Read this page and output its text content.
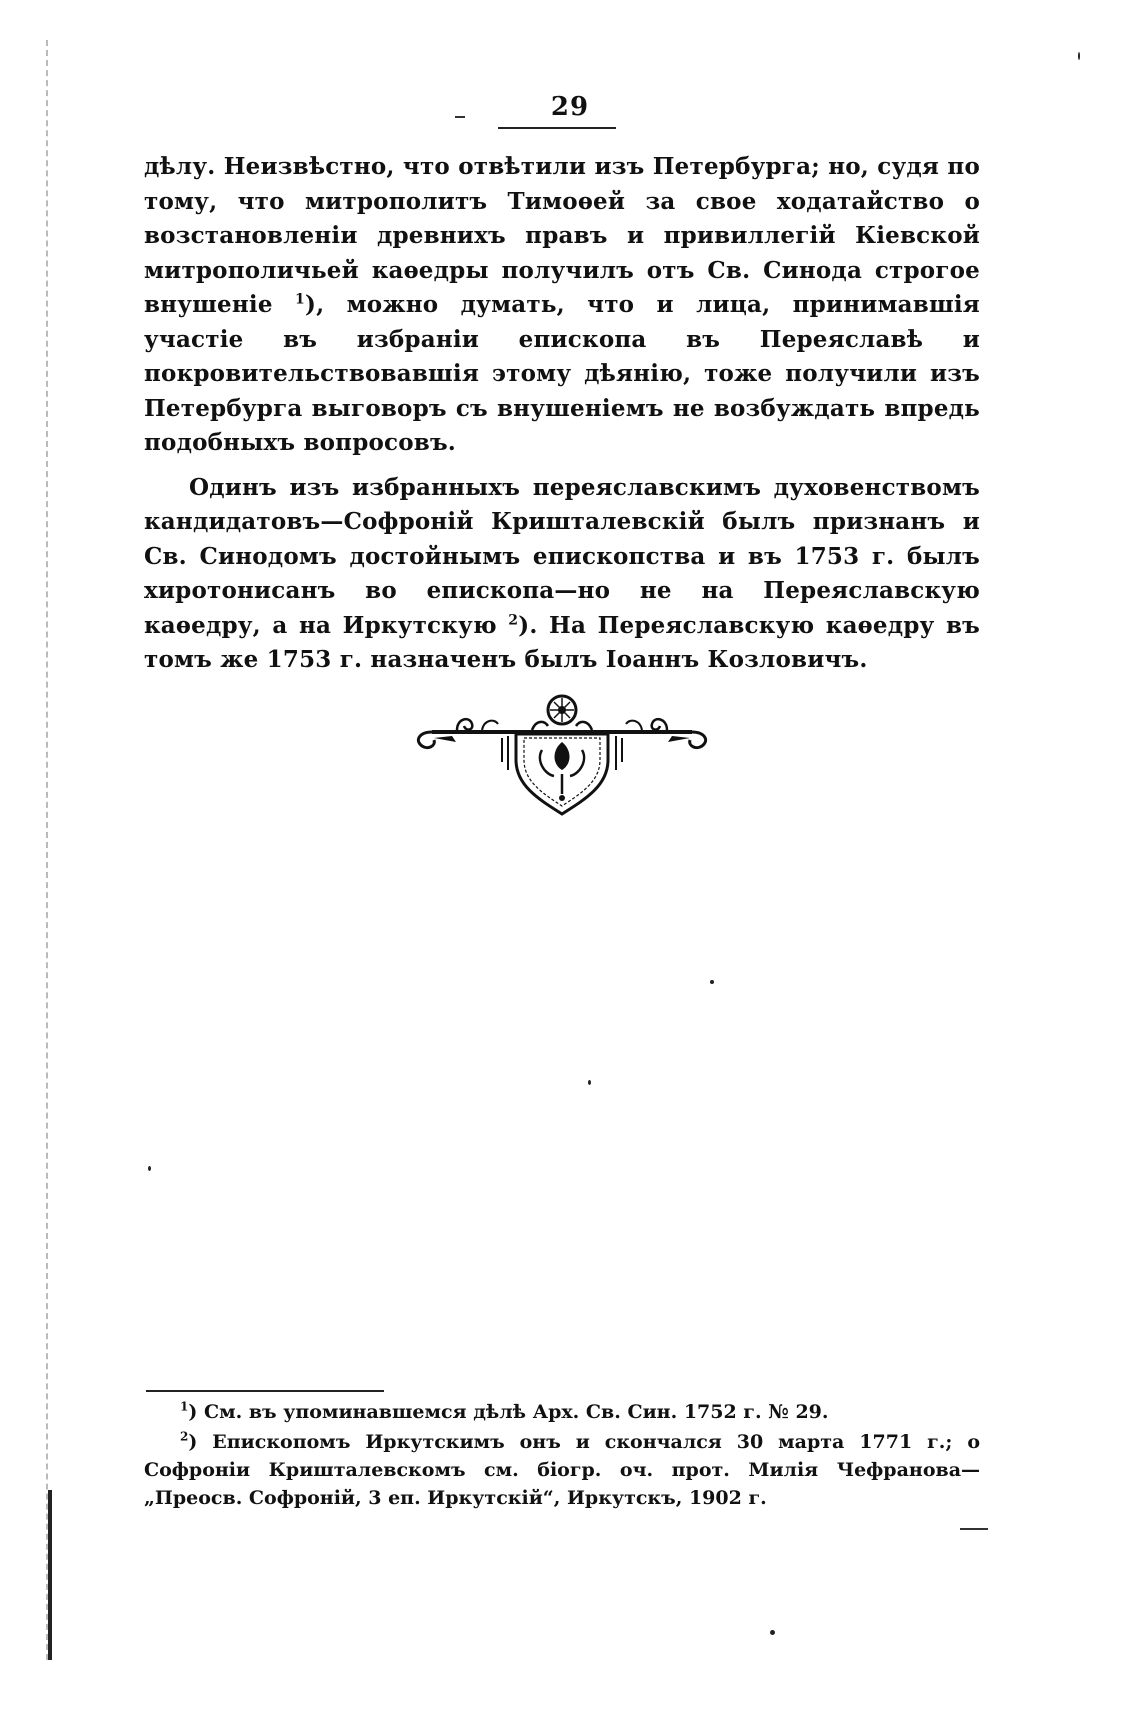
29

дѣлу. Неизвѣстно, что отвѣтили изъ Петербурга; но, судя по тому, что митрополитъ Тимоѳей за свое ходатайство о возстановленіи древнихъ правъ и привиллегій Кіевской митрополичьей каѳедры получилъ отъ Св. Синода строгое внушеніе $^1$), можно думать, что и лица, принимавшія участіе въ избраніи епископа въ Переяславѣ и покровительствовавшія этому дѣянію, тоже получили изъ Петербурга выговоръ съ внушеніемъ не возбуждать впредь подобныхъ вопросовъ.

Одинъ изъ избранныхъ переяславскимъ духовенствомъ кандидатовъ—Софроній Кришталевскій былъ признанъ и Св. Синодомъ достойнымъ епископства и въ 1753 г. былъ хиротонисанъ во епископа—но не на Переяславскую каѳедру, а на Иркутскую $^2$). На Переяславскую каѳедру въ томъ же 1753 г. назначенъ былъ Іоаннъ Козловичъ.

$^1$) См. въ упоминавшемся дѣлѣ Арх. Св. Син. 1752 г. № 29.

$^2$) Епископомъ Иркутскимъ онъ и скончался 30 марта 1771 г.; о Софроніи Кришталевскомъ см. біогр. оч. прот. Милія Чефранова—„Преосв. Софроній, 3 еп. Иркутскій“, Иркутскъ, 1902 г.
